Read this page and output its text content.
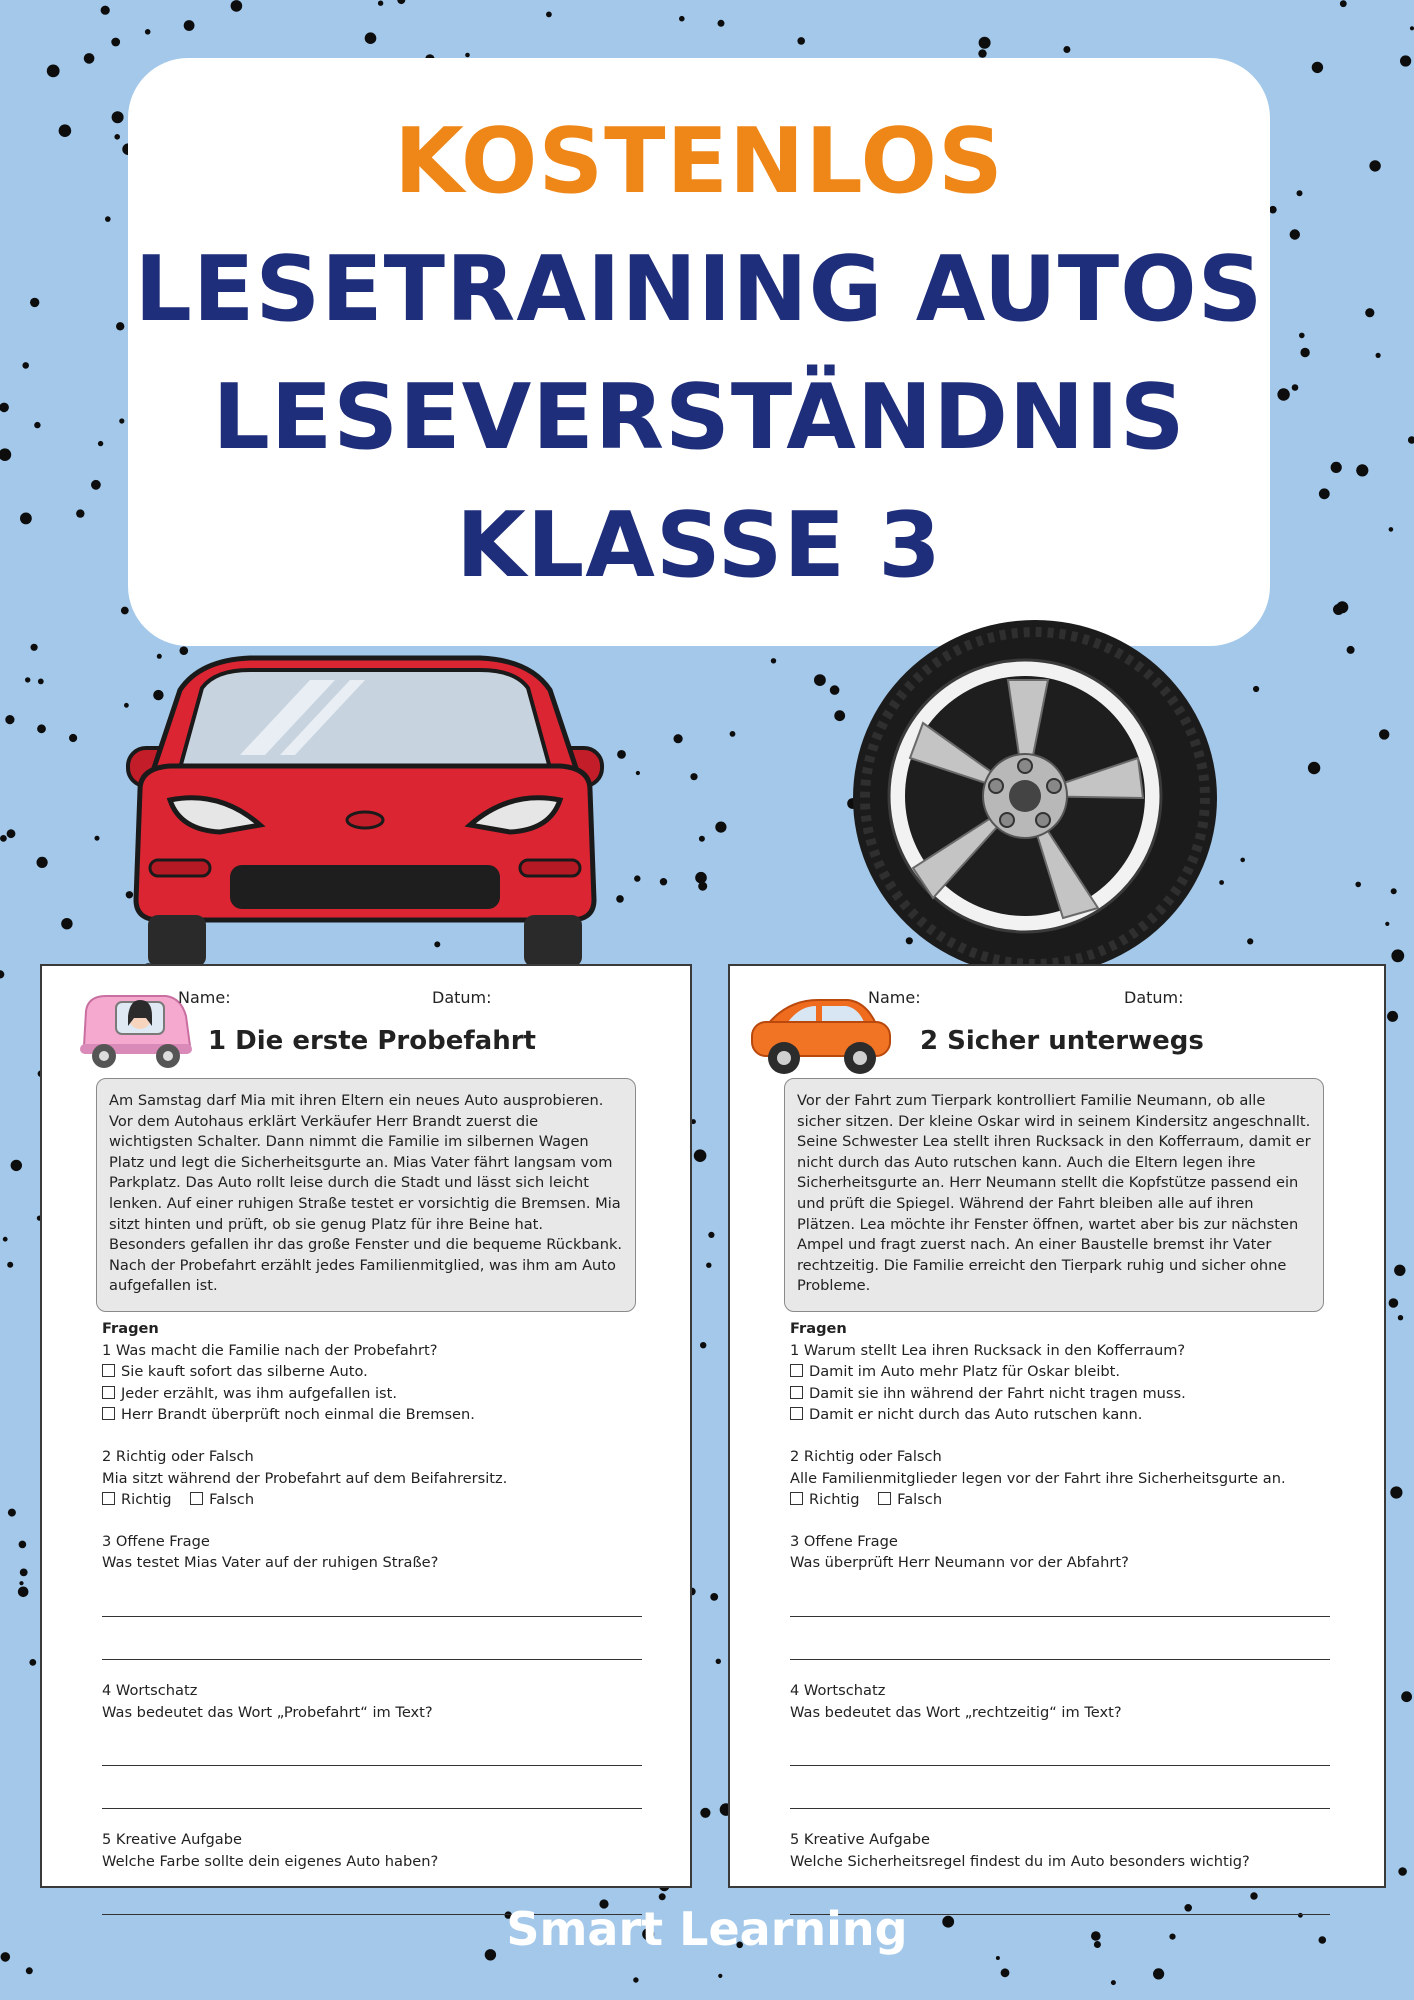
KOSTENLOS
LESETRAINING AUTOS
LESEVERSTÄNDNIS
KLASSE 3
Name:	Datum:
1 Die erste Probefahrt
Am Samstag darf Mia mit ihren Eltern ein neues Auto ausprobieren. Vor dem Autohaus erklärt Verkäufer Herr Brandt zuerst die wichtigsten Schalter. Dann nimmt die Familie im silbernen Wagen Platz und legt die Sicherheitsgurte an. Mias Vater fährt langsam vom Parkplatz. Das Auto rollt leise durch die Stadt und lässt sich leicht lenken. Auf einer ruhigen Straße testet er vorsichtig die Bremsen. Mia sitzt hinten und prüft, ob sie genug Platz für ihre Beine hat. Besonders gefallen ihr das große Fenster und die bequeme Rückbank. Nach der Probefahrt erzählt jedes Familienmitglied, was ihm am Auto aufgefallen ist.
Fragen
1 Was macht die Familie nach der Probefahrt?
Sie kauft sofort das silberne Auto.
Jeder erzählt, was ihm aufgefallen ist.
Herr Brandt überprüft noch einmal die Bremsen.
2 Richtig oder Falsch
Mia sitzt während der Probefahrt auf dem Beifahrersitz.
Richtig	Falsch
3 Offene Frage
Was testet Mias Vater auf der ruhigen Straße?
4 Wortschatz
Was bedeutet das Wort „Probefahrt“ im Text?
5 Kreative Aufgabe
Welche Farbe sollte dein eigenes Auto haben?
Name:	Datum:
2 Sicher unterwegs
Vor der Fahrt zum Tierpark kontrolliert Familie Neumann, ob alle sicher sitzen. Der kleine Oskar wird in seinem Kindersitz angeschnallt. Seine Schwester Lea stellt ihren Rucksack in den Kofferraum, damit er nicht durch das Auto rutschen kann. Auch die Eltern legen ihre Sicherheitsgurte an. Herr Neumann stellt die Kopfstütze passend ein und prüft die Spiegel. Während der Fahrt bleiben alle auf ihren Plätzen. Lea möchte ihr Fenster öffnen, wartet aber bis zur nächsten Ampel und fragt zuerst nach. An einer Baustelle bremst ihr Vater rechtzeitig. Die Familie erreicht den Tierpark ruhig und sicher ohne Probleme.
Fragen
1 Warum stellt Lea ihren Rucksack in den Kofferraum?
Damit im Auto mehr Platz für Oskar bleibt.
Damit sie ihn während der Fahrt nicht tragen muss.
Damit er nicht durch das Auto rutschen kann.
2 Richtig oder Falsch
Alle Familienmitglieder legen vor der Fahrt ihre Sicherheitsgurte an.
Richtig	Falsch
3 Offene Frage
Was überprüft Herr Neumann vor der Abfahrt?
4 Wortschatz
Was bedeutet das Wort „rechtzeitig“ im Text?
5 Kreative Aufgabe
Welche Sicherheitsregel findest du im Auto besonders wichtig?
Smart Learning
